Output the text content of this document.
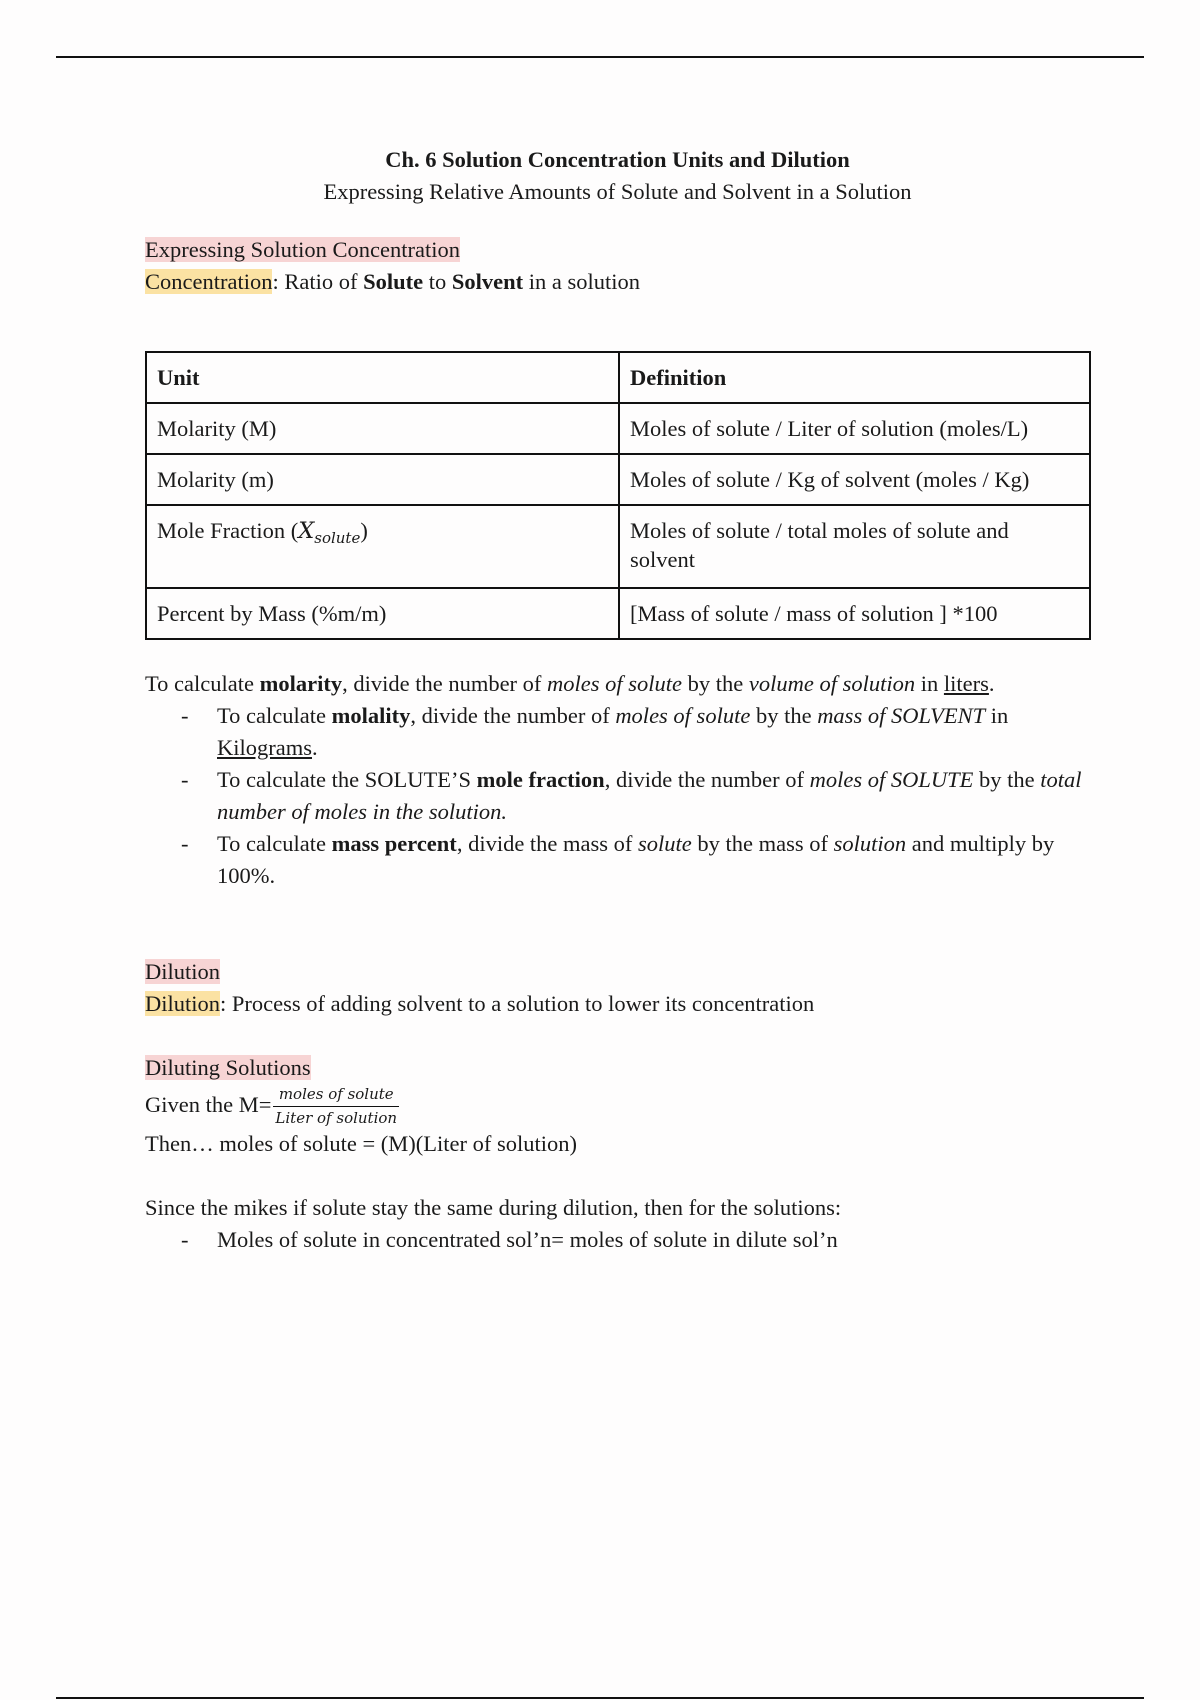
Ch. 6 Solution Concentration Units and Dilution

Expressing Relative Amounts of Solute and Solvent in a Solution

Expressing Solution Concentration

Concentration: Ratio of Solute to Solvent in a solution

Unit	Definition
Molarity (M)	Moles of solute / Liter of solution (moles/L)
Molarity (m)	Moles of solute / Kg of solvent (moles / Kg)
Mole Fraction $(X_{solute})$	Moles of solute / total moles of solute and solvent
Percent by Mass (%m/m)	[Mass of solute / mass of solution ] *100

To calculate molarity, divide the number of moles of solute by the volume of solution in liters.

- To calculate molality, divide the number of moles of solute by the mass of SOLVENT in Kilograms.
- To calculate the SOLUTE’S mole fraction, divide the number of moles of SOLUTE by the total number of moles in the solution.
- To calculate mass percent, divide the mass of solute by the mass of solution and multiply by 100%.

Dilution

Dilution: Process of adding solvent to a solution to lower its concentration

Diluting Solutions

Given the $M= \frac{\text{moles of solute}}{\text{Liter of solution}}$

Then… moles of solute = (M)(Liter of solution)

Since the mikes if solute stay the same during dilution, then for the solutions:

- Moles of solute in concentrated sol’n= moles of solute in dilute sol’n
